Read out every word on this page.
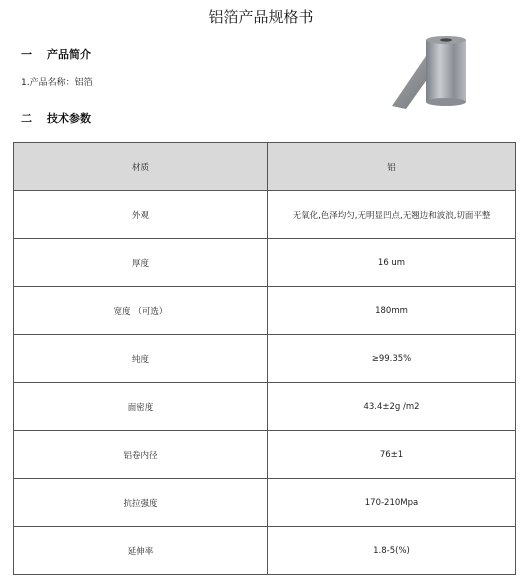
铝箔产品规格书
一 产品简介
1.产品名称：铝箔
二 技术参数
材质	铝
外观	无氧化,色泽均匀,无明显凹点,无翘边和波浪,切面平整
厚度	16 um
宽度 （可选）	180mm
纯度	≥99.35%
面密度	43.4±2g /m2
铝卷内径	76±1
抗拉强度	170-210Mpa
延伸率	1.8-5(%)
